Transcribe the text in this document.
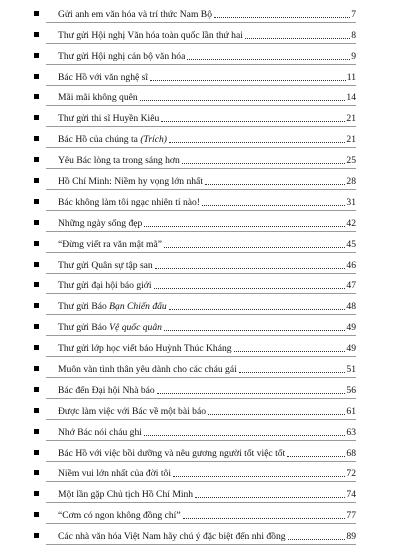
Gửi anh em văn hóa và trí thức Nam Bộ	7
Thư gửi Hội nghị Văn hóa toàn quốc lần thứ hai	8
Thư gửi Hội nghị cán bộ văn hóa	9
Bác Hồ với văn nghệ sĩ	11
Mãi mãi không quên	14
Thư gửi thi sĩ Huyền Kiêu	21
Bác Hồ của chúng ta (Trích)	21
Yêu Bác lòng ta trong sáng hơn	25
Hồ Chí Minh: Niềm hy vọng lớn nhất	28
Bác không làm tôi ngạc nhiên tí nào!	31
Những ngày sống đẹp	42
“Đừng viết ra văn mật mã”	45
Thư gửi Quân sự tập san	46
Thư gửi đại hội báo giới	47
Thư gửi Báo Bạn Chiến đấu	48
Thư gửi Báo Vệ quốc quân	49
Thư gửi lớp học viết báo Huỳnh Thúc Kháng	49
Muôn vàn tình thân yêu dành cho các cháu gái	51
Bác đến Đại hội Nhà báo	56
Được làm việc với Bác về một bài báo	61
Nhớ Bác nói cháu ghi	63
Bác Hồ với việc bồi dưỡng và nêu gương người tốt việc tốt	68
Niềm vui lớn nhất của đời tôi	72
Một lần gặp Chủ tịch Hồ Chí Minh	74
“Cơm có ngon không đồng chí”	77
Các nhà văn hóa Việt Nam hãy chú ý đặc biệt đến nhi đồng	89
